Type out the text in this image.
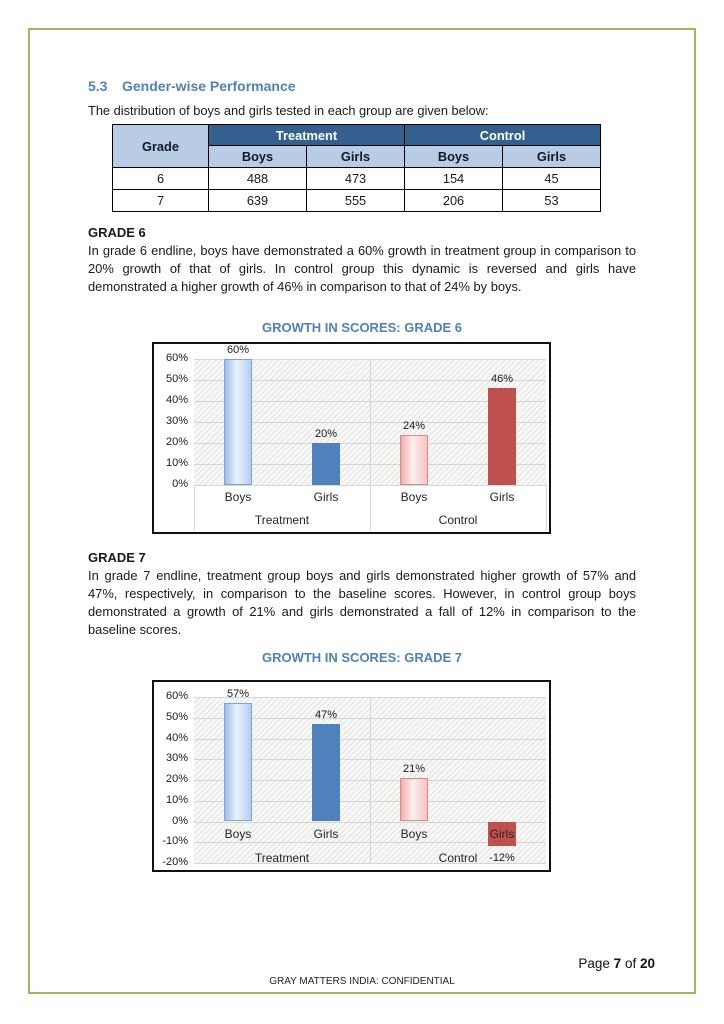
5.3	Gender-wise Performance
The distribution of boys and girls tested in each group are given below:
Grade	Treatment		Control	
	Boys	Girls	Boys	Girls
6	488	473	154	45
7	639	555	206	53
GRADE 6
In grade 6 endline, boys have demonstrated a 60% growth in treatment group in comparison to 20% growth of that of girls. In control group this dynamic is reversed and girls have demonstrated a higher growth of 46% in comparison to that of 24% by boys.
GROWTH IN SCORES: GRADE 6
60%
50%
40%
30%
20%
10%
0%
60%
Boys
20%
Girls
24%
Boys
46%
Girls
Treatment	Control
GRADE 7
In grade 7 endline, treatment group boys and girls demonstrated higher growth of 57% and 47%, respectively, in comparison to the baseline scores. However, in control group boys demonstrated a growth of 21% and girls demonstrated a fall of 12% in comparison to the baseline scores.
GROWTH IN SCORES: GRADE 7
60%
50%
40%
30%
20%
10%
0%
-10%
-20%
57%
Boys
47%
Girls
21%
Boys
-12%
Girls
Treatment	Control
Page 7 of 20
GRAY MATTERS INDIA: CONFIDENTIAL
